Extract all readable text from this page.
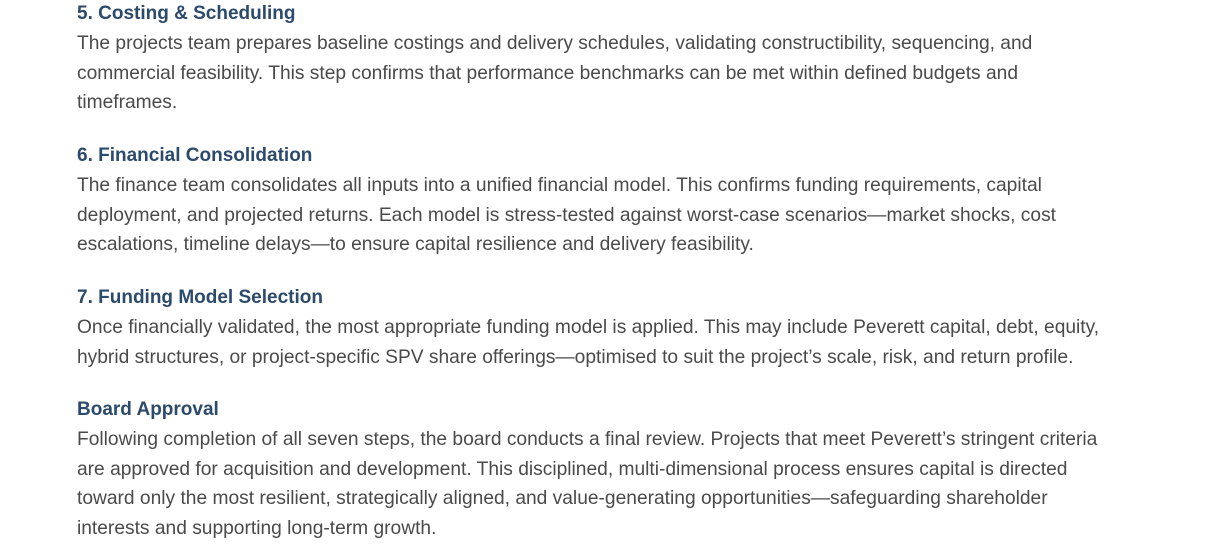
5. Costing & Scheduling

The projects team prepares baseline costings and delivery schedules, validating constructibility, sequencing, and
commercial feasibility. This step confirms that performance benchmarks can be met within defined budgets and
timeframes.

6. Financial Consolidation

The finance team consolidates all inputs into a unified financial model. This confirms funding requirements, capital
deployment, and projected returns. Each model is stress-tested against worst-case scenarios—market shocks, cost
escalations, timeline delays—to ensure capital resilience and delivery feasibility.

7. Funding Model Selection

Once financially validated, the most appropriate funding model is applied. This may include Peverett capital, debt, equity,
hybrid structures, or project-specific SPV share offerings—optimised to suit the project’s scale, risk, and return profile.

Board Approval

Following completion of all seven steps, the board conducts a final review. Projects that meet Peverett’s stringent criteria
are approved for acquisition and development. This disciplined, multi-dimensional process ensures capital is directed
toward only the most resilient, strategically aligned, and value-generating opportunities—safeguarding shareholder
interests and supporting long-term growth.
